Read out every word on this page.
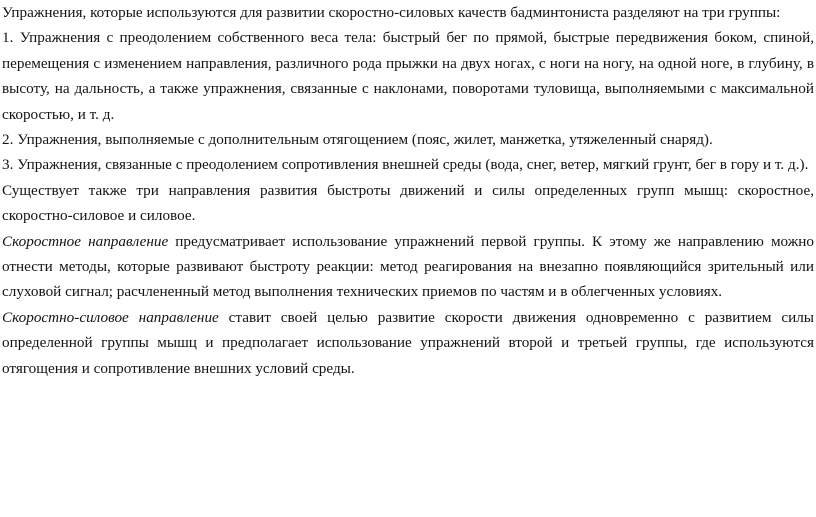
Упражнения, которые используются для развитии скоростно-силовых качеств бадминтониста разделяют на три группы:

1. Упражнения с преодолением собственного веса тела: быстрый бег по прямой, быстрые передвижения боком, спиной, перемещения с изменением направления, различного рода прыжки на двух ногах, с ноги на ногу, на одной ноге, в глубину, в высоту, на дальность, а также упражнения, связанные с наклонами, поворотами туловища, выполняемыми с максимальной скоростью, и т. д.

2. Упражнения, выполняемые с дополнительным отягощением (пояс, жилет, манжетка, утяжеленный снаряд).

3. Упражнения, связанные с преодолением сопротивления внешней среды (вода, снег, ветер, мягкий грунт, бег в гору и т. д.).

Существует также три направления развития быстроты движений и силы определенных групп мышц: скоростное, скоростно-силовое и силовое.

Скоростное направление предусматривает использование упражнений первой группы. К этому же направлению можно отнести методы, которые развивают быстроту реакции: метод реагирования на внезапно появляющийся зрительный или слуховой сигнал; расчлененный метод выполнения технических приемов по частям и в облегченных условиях.

Скоростно-силовое направление ставит своей целью развитие скорости движения одновременно с развитием силы определенной группы мышц и предполагает использование упражнений второй и третьей группы, где используются отягощения и сопротивление внешних условий среды.
